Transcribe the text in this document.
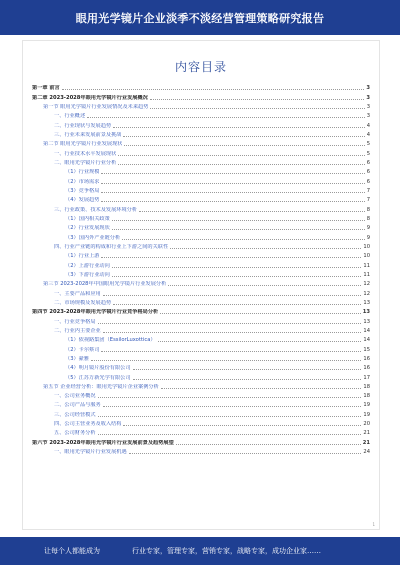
眼用光学镜片企业淡季不淡经营管理策略研究报告
内容目录
第一章 前言	3
第二章 2023-2028年眼用光学镜片行业发展概况	3
第一节 眼用光学镜片行业发展情况及未来趋势	3
一、行业概述	3
二、行业现状与发展趋势	4
三、行业未来发展前景及挑战	4
第二节 眼用光学镜片行业发展现状	5
一、行业技术水平发展现状	5
二、眼用光学镜片行业分析	6
（1）行业规模	6
（2）市场需求	6
（3）竞争格局	7
（4）发展趋势	7
三、行业政策、技术及发展环境分析	8
（1）国内相关政策	8
（2）行业发展现状	9
（3）国内外产业链分析	9
四、行业产业链的构成和行业上下游之间的关联性	10
（1）行业上游	10
（2）上游行业动向	11
（3）下游行业动向	11
第三节 2023-2028年中国眼用光学镜片行业发展分析	12
一、主要产品和应用	12
二、市场规模及发展趋势	13
第四节 2023-2028年眼用光学镜片行业竞争格局分析	13
一、行业竞争格局	13
二、行业内主要企业	14
（1）依视路集团（EssilorLuxottica）	14
（2）卡尔蔡司	15
（3）豪雅	16
（4）明月镜片股份有限公司	16
（5）江苏万新光学有限公司	17
第五节 企业经营分析：眼用光学镜片企业案例分析	18
一、公司业务概况	18
二、公司产品与服务	19
三、公司经营模式	19
四、公司主营业务及收入结构	20
五、公司财务分析	21
第六节 2023-2028年眼用光学镜片行业发展前景及趋势展望	21
一、眼用光学镜片行业发展机遇	24
1
让每个人都能成为	行业专家，管理专家，营销专家，战略专家，成功企业家……
